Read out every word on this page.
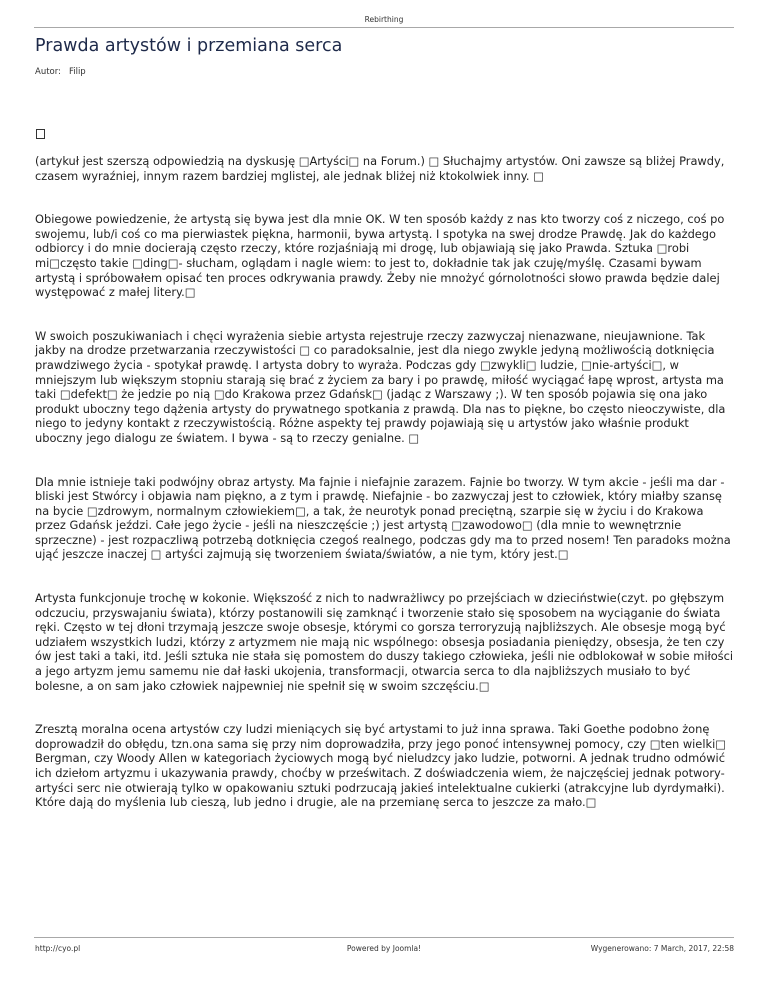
Rebirthing
Prawda artystów i przemiana serca
Autor: Filip

(artykuł jest szerszą odpowiedzią na dyskusję □Artyści□ na Forum.) □ Słuchajmy artystów. Oni zawsze są bliżej Prawdy, czasem wyraźniej, innym razem bardziej mglistej, ale jednak bliżej niż ktokolwiek inny. □

Obiegowe powiedzenie, że artystą się bywa jest dla mnie OK. W ten sposób każdy z nas kto tworzy coś z niczego, coś po swojemu, lub/i coś co ma pierwiastek piękna, harmonii, bywa artystą. I spotyka na swej drodze Prawdę. Jak do każdego odbiorcy i do mnie docierają często rzeczy, które rozjaśniają mi drogę, lub objawiają się jako Prawda. Sztuka □robi mi□często takie □ding□- słucham, oglądam i nagle wiem: to jest to, dokładnie tak jak czuję/myślę. Czasami bywam artystą i spróbowałem opisać ten proces odkrywania prawdy. Żeby nie mnożyć górnolotności słowo prawda będzie dalej występować z małej litery.□

W swoich poszukiwaniach i chęci wyrażenia siebie artysta rejestruje rzeczy zazwyczaj nienazwane, nieujawnione. Tak jakby na drodze przetwarzania rzeczywistości □ co paradoksalnie, jest dla niego zwykle jedyną możliwością dotknięcia prawdziwego życia - spotykał prawdę. I artysta dobry to wyraża. Podczas gdy □zwykli□ ludzie, □nie-artyści□, w mniejszym lub większym stopniu starają się brać z życiem za bary i po prawdę, miłość wyciągać łapę wprost, artysta ma taki □defekt□ że jedzie po nią □do Krakowa przez Gdańsk□ (jadąc z Warszawy ;). W ten sposób pojawia się ona jako produkt uboczny tego dążenia artysty do prywatnego spotkania z prawdą. Dla nas to piękne, bo często nieoczywiste, dla niego to jedyny kontakt z rzeczywistością. Różne aspekty tej prawdy pojawiają się u artystów jako właśnie produkt uboczny jego dialogu ze światem. I bywa - są to rzeczy genialne. □

Dla mnie istnieje taki podwójny obraz artysty. Ma fajnie i niefajnie zarazem. Fajnie bo tworzy. W tym akcie - jeśli ma dar - bliski jest Stwórcy i objawia nam piękno, a z tym i prawdę. Niefajnie - bo zazwyczaj jest to człowiek, który miałby szansę na bycie □zdrowym, normalnym człowiekiem□, a tak, że neurotyk ponad preciętną, szarpie się w życiu i do Krakowa przez Gdańsk jeździ. Całe jego życie - jeśli na nieszczęście ;) jest artystą □zawodowo□ (dla mnie to wewnętrznie sprzeczne) - jest rozpaczliwą potrzebą dotknięcia czegoś realnego, podczas gdy ma to przed nosem! Ten paradoks można ująć jeszcze inaczej □ artyści zajmują się tworzeniem świata/światów, a nie tym, który jest.□

Artysta funkcjonuje trochę w kokonie. Większość z nich to nadwrażliwcy po przejściach w dzieciństwie(czyt. po głębszym odczuciu, przyswajaniu świata), którzy postanowili się zamknąć i tworzenie stało się sposobem na wyciąganie do świata ręki. Często w tej dłoni trzymają jeszcze swoje obsesje, którymi co gorsza terroryzują najbliższych. Ale obsesje mogą być udziałem wszystkich ludzi, którzy z artyzmem nie mają nic wspólnego: obsesja posiadania pieniędzy, obsesja, że ten czy ów jest taki a taki, itd. Jeśli sztuka nie stała się pomostem do duszy takiego człowieka, jeśli nie odblokował w sobie miłości a jego artyzm jemu samemu nie dał łaski ukojenia, transformacji, otwarcia serca to dla najbliższych musiało to być bolesne, a on sam jako człowiek najpewniej nie spełnił się w swoim szczęściu.□

Zresztą moralna ocena artystów czy ludzi mieniących się być artystami to już inna sprawa. Taki Goethe podobno żonę doprowadził do obłędu, tzn.ona sama się przy nim doprowadziła, przy jego ponoć intensywnej pomocy, czy □ten wielki□ Bergman, czy Woody Allen w kategoriach życiowych mogą być nieludzcy jako ludzie, potworni. A jednak trudno odmówić ich dziełom artyzmu i ukazywania prawdy, choćby w prześwitach. Z doświadczenia wiem, że najczęściej jednak potwory-artyści serc nie otwierają tylko w opakowaniu sztuki podrzucają jakieś intelektualne cukierki (atrakcyjne lub dyrdymałki). Które dają do myślenia lub cieszą, lub jedno i drugie, ale na przemianę serca to jeszcze za mało.□

http://cyo.pl	Powered by Joomla!	Wygenerowano: 7 March, 2017, 22:58
